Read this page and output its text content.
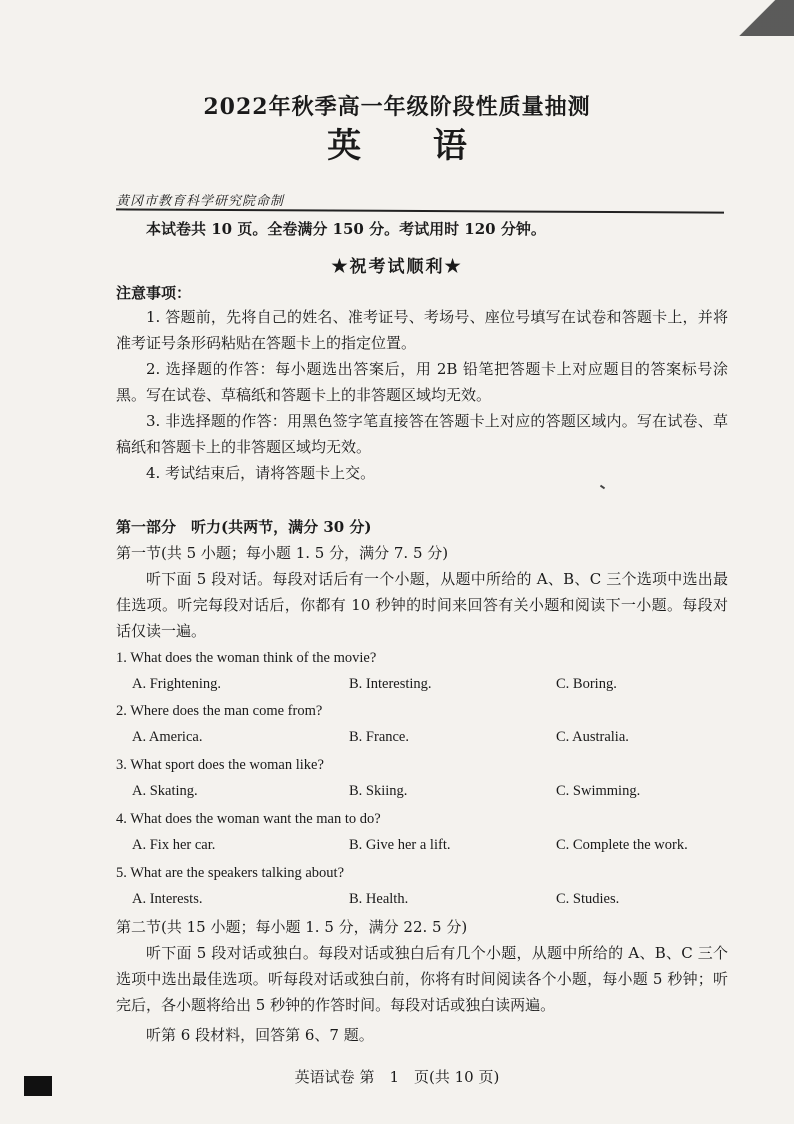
2022年秋季高一年级阶段性质量抽测
英 语
黄冈市教育科学研究院命制
本试卷共 10 页。全卷满分 150 分。考试用时 120 分钟。
★祝考试顺利★
注意事项：
1. 答题前，先将自己的姓名、准考证号、考场号、座位号填写在试卷和答题卡上，并将准考证号条形码粘贴在答题卡上的指定位置。
2. 选择题的作答：每小题选出答案后，用 2B 铅笔把答题卡上对应题目的答案标号涂黑。写在试卷、草稿纸和答题卡上的非答题区域均无效。
3. 非选择题的作答：用黑色签字笔直接答在答题卡上对应的答题区域内。写在试卷、草稿纸和答题卡上的非答题区域均无效。
4. 考试结束后，请将答题卡上交。
第一部分　听力(共两节，满分 30 分)
第一节(共 5 小题；每小题 1. 5 分，满分 7. 5 分)
听下面 5 段对话。每段对话后有一个小题，从题中所给的 A、B、C 三个选项中选出最佳选项。听完每段对话后，你都有 10 秒钟的时间来回答有关小题和阅读下一小题。每段对话仅读一遍。
1. What does the woman think of the movie?
A. Frightening.	B. Interesting.	C. Boring.
2. Where does the man come from?
A. America.	B. France.	C. Australia.
3. What sport does the woman like?
A. Skating.	B. Skiing.	C. Swimming.
4. What does the woman want the man to do?
A. Fix her car.	B. Give her a lift.	C. Complete the work.
5. What are the speakers talking about?
A. Interests.	B. Health.	C. Studies.
第二节(共 15 小题；每小题 1. 5 分，满分 22. 5 分)
听下面 5 段对话或独白。每段对话或独白后有几个小题，从题中所给的 A、B、C 三个选项中选出最佳选项。听每段对话或独白前，你将有时间阅读各个小题，每小题 5 秒钟；听完后，各小题将给出 5 秒钟的作答时间。每段对话或独白读两遍。
听第 6 段材料，回答第 6、7 题。
英语试卷 第　1　页(共 10 页)
